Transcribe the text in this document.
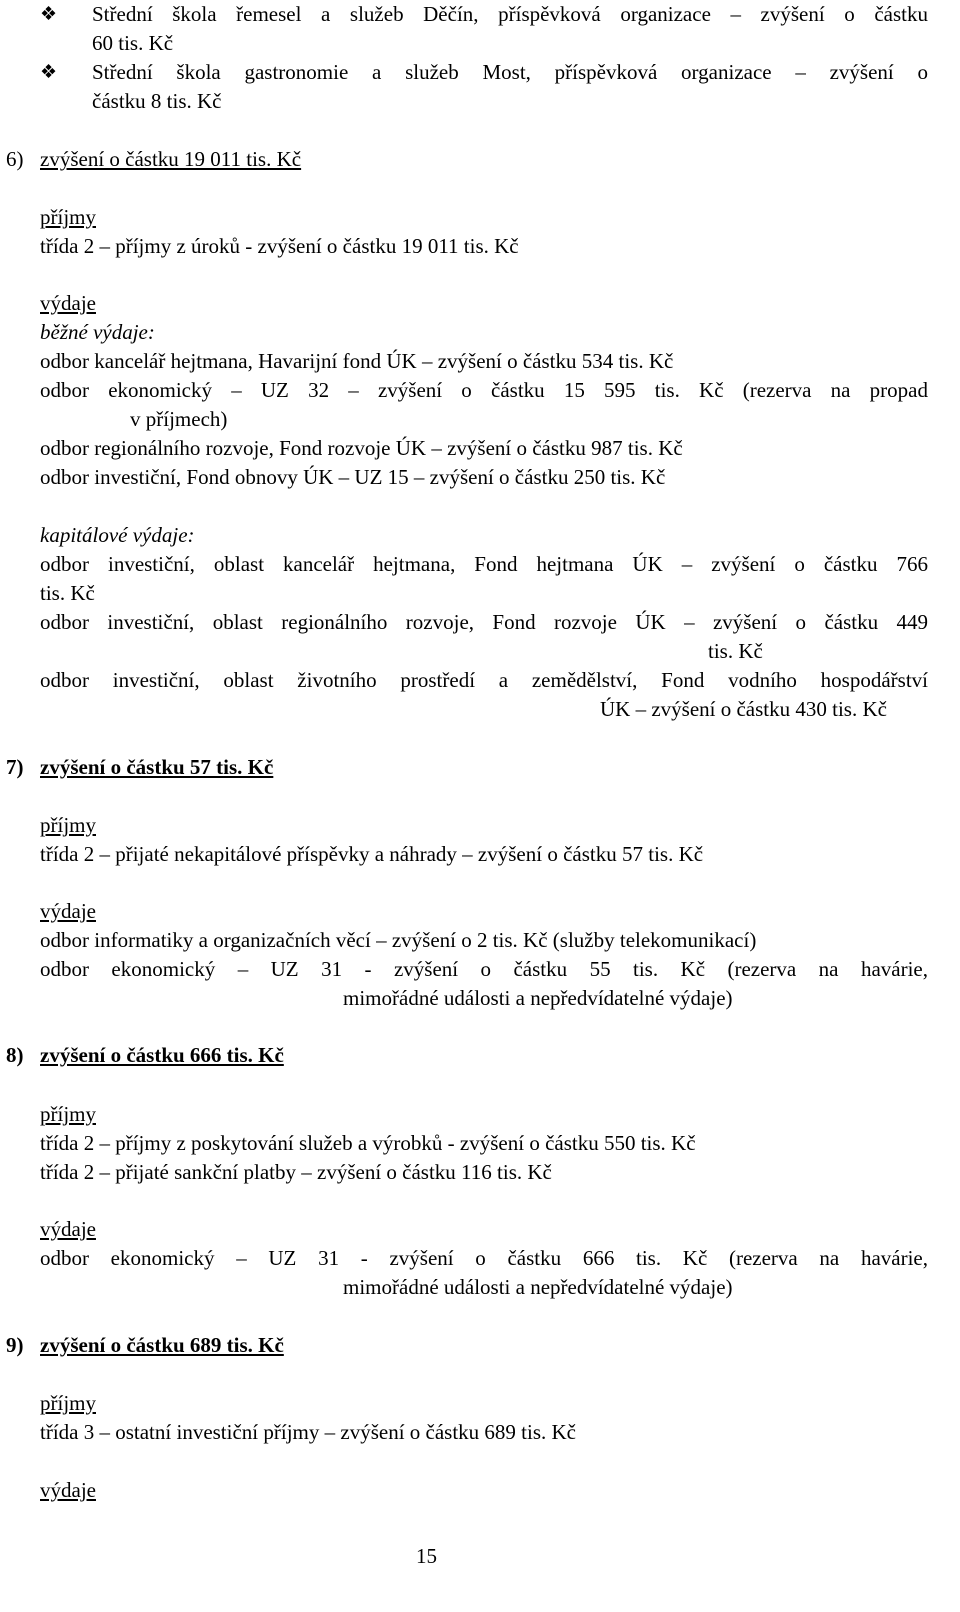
❖ Střední škola řemesel a služeb Děčín, příspěvková organizace – zvýšení o částku
60 tis. Kč
❖ Střední škola gastronomie a služeb Most, příspěvková organizace – zvýšení o
částku 8 tis. Kč
6) zvýšení o částku 19 011 tis. Kč
příjmy
třída 2 – příjmy z úroků - zvýšení o částku 19 011 tis. Kč
výdaje
běžné výdaje:
odbor kancelář hejtmana, Havarijní fond ÚK – zvýšení o částku 534 tis. Kč
odbor ekonomický – UZ 32 – zvýšení o částku 15 595 tis. Kč (rezerva na propad
v příjmech)
odbor regionálního rozvoje, Fond rozvoje ÚK – zvýšení o částku 987 tis. Kč
odbor investiční, Fond obnovy ÚK – UZ 15 – zvýšení o částku 250 tis. Kč
kapitálové výdaje:
odbor investiční, oblast kancelář hejtmana, Fond hejtmana ÚK – zvýšení o částku 766
tis. Kč
odbor investiční, oblast regionálního rozvoje, Fond rozvoje ÚK – zvýšení o částku 449
tis. Kč
odbor investiční, oblast životního prostředí a zemědělství, Fond vodního hospodářství
ÚK – zvýšení o částku 430 tis. Kč
7) zvýšení o částku 57 tis. Kč
příjmy
třída 2 – přijaté nekapitálové příspěvky a náhrady – zvýšení o částku 57 tis. Kč
výdaje
odbor informatiky a organizačních věcí – zvýšení o 2 tis. Kč (služby telekomunikací)
odbor ekonomický – UZ 31 - zvýšení o částku 55 tis. Kč (rezerva na havárie,
mimořádné události a nepředvídatelné výdaje)
8) zvýšení o částku 666 tis. Kč
příjmy
třída 2 – příjmy z poskytování služeb a výrobků - zvýšení o částku 550 tis. Kč
třída 2 – přijaté sankční platby – zvýšení o částku 116 tis. Kč
výdaje
odbor ekonomický – UZ 31 - zvýšení o částku 666 tis. Kč (rezerva na havárie,
mimořádné události a nepředvídatelné výdaje)
9) zvýšení o částku 689 tis. Kč
příjmy
třída 3 – ostatní investiční příjmy – zvýšení o částku 689 tis. Kč
výdaje
15
